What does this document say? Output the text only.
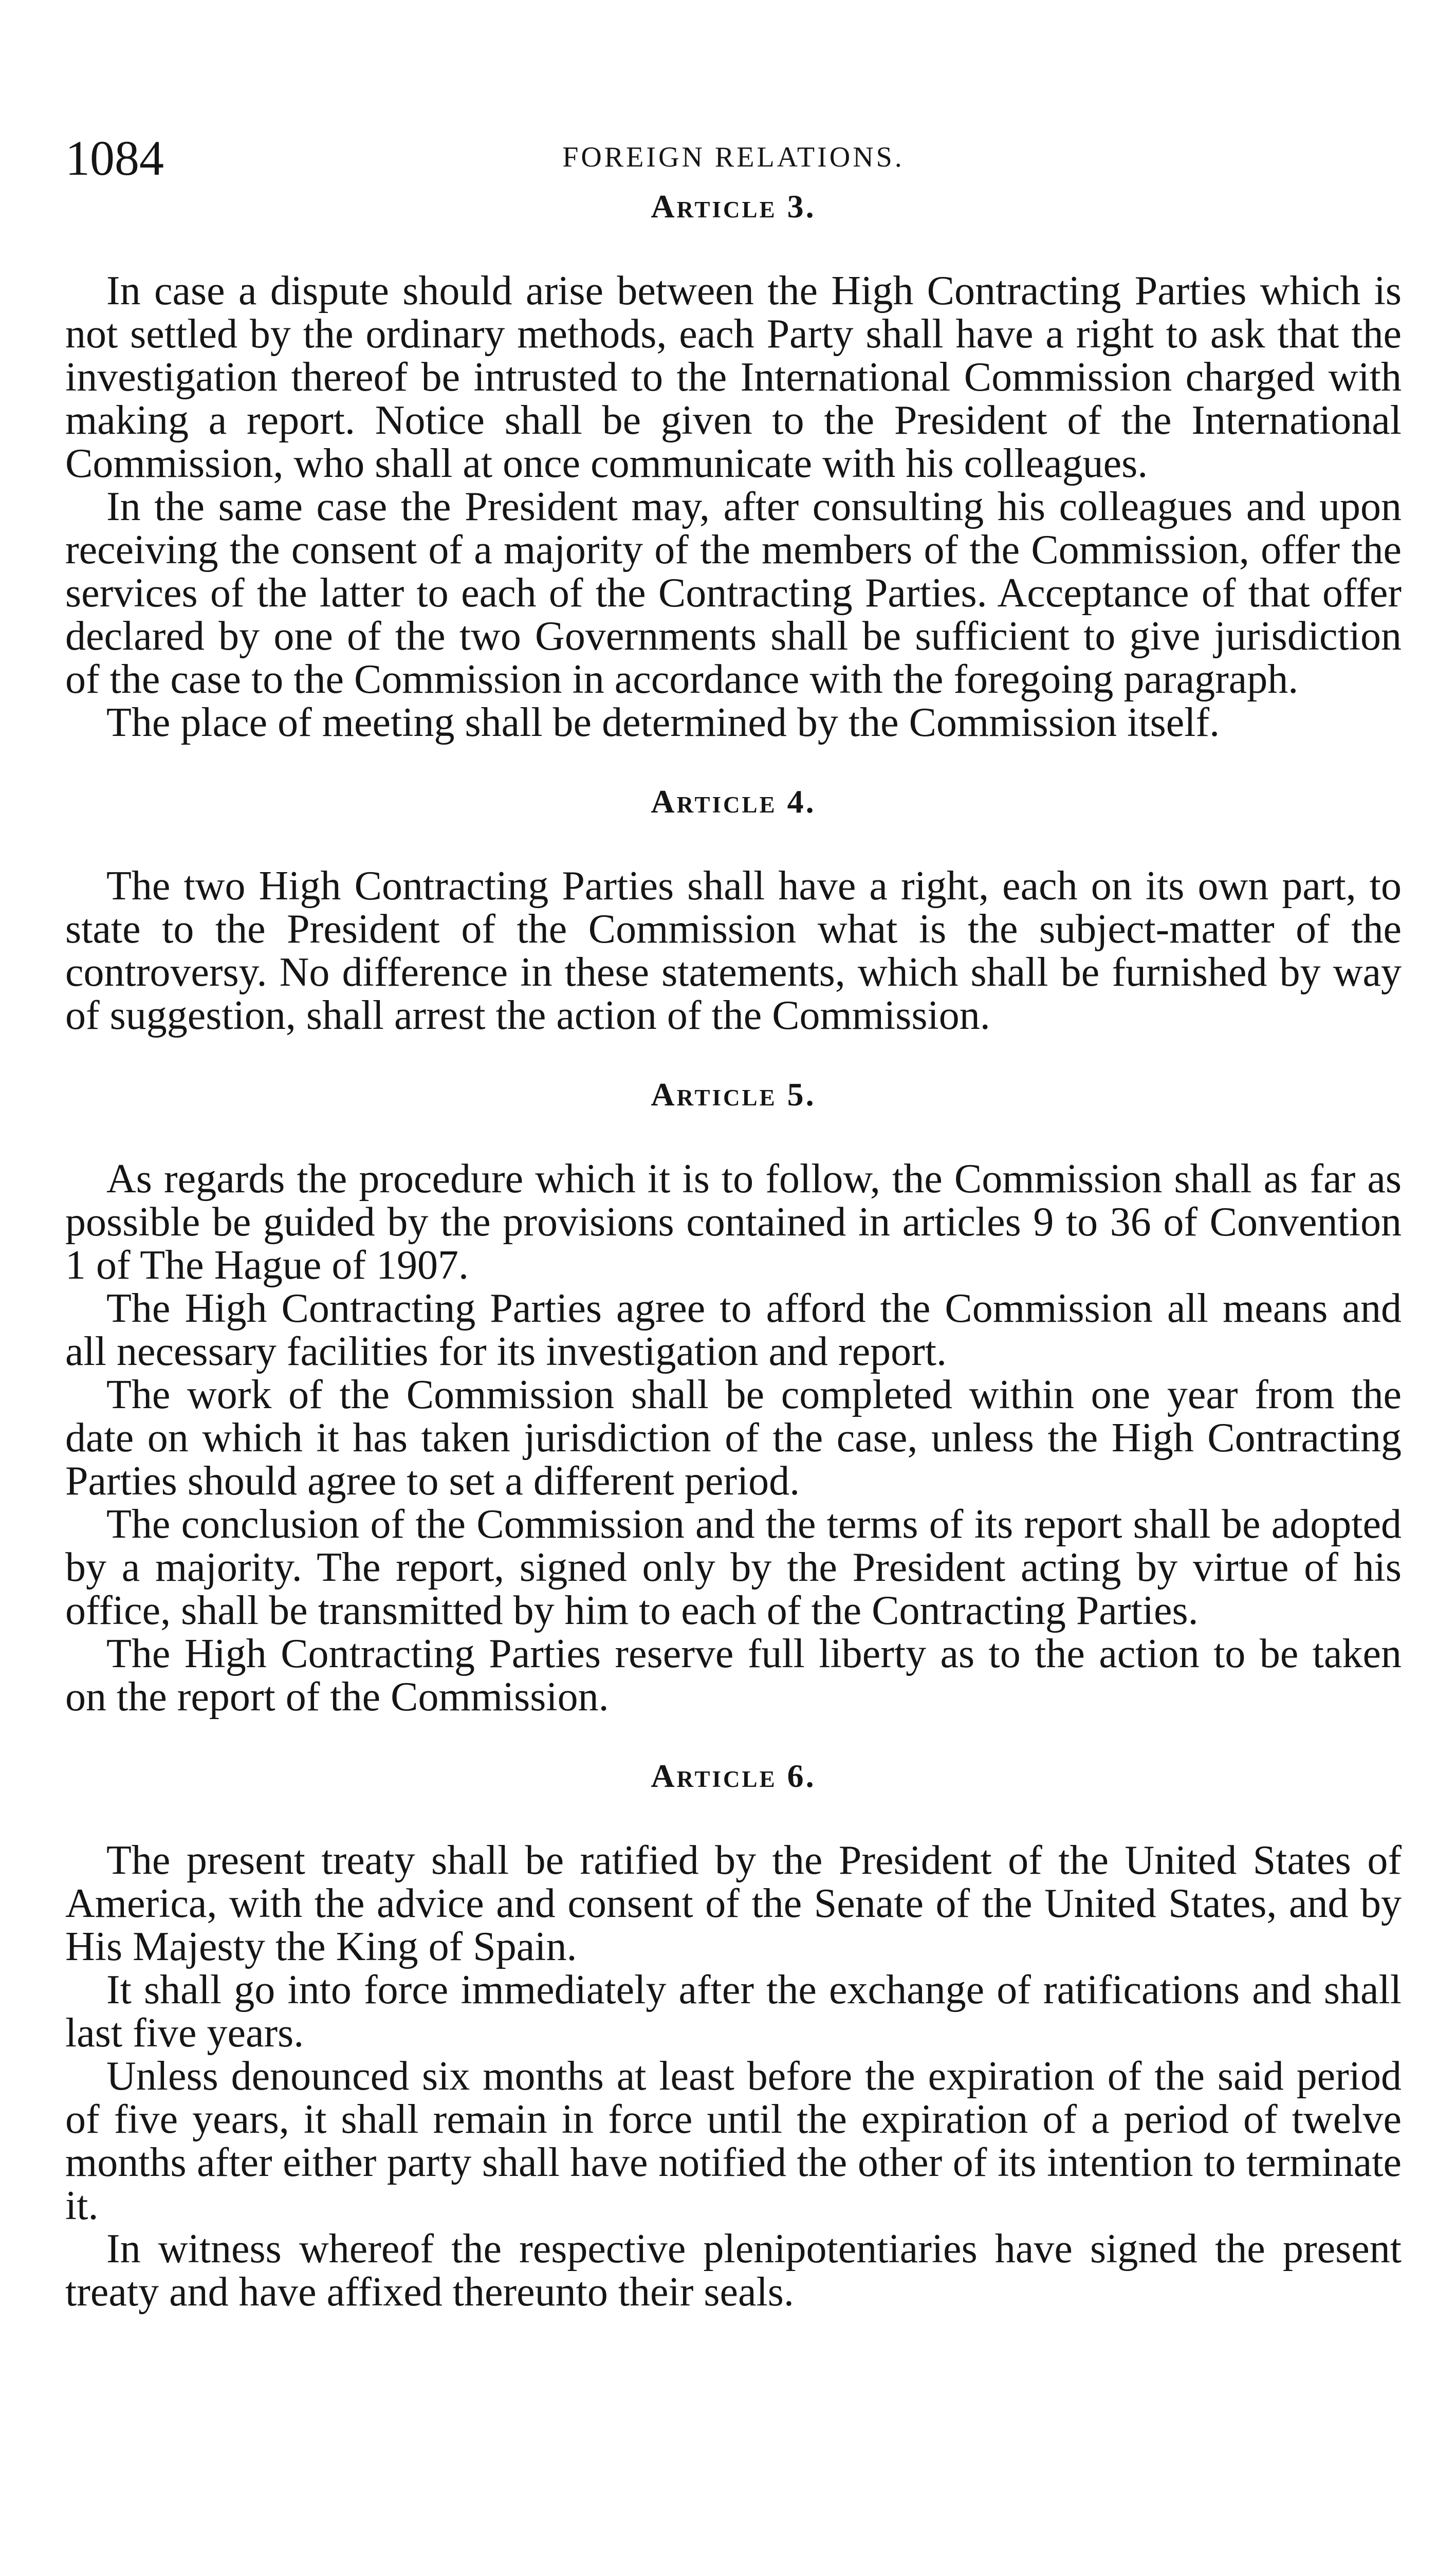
1084	FOREIGN RELATIONS.
Article 3.

In case a dispute should arise between the High Contracting Parties which is not settled by the ordinary methods, each Party shall have a right to ask that the investigation thereof be intrusted to the International Commission charged with making a report. Notice shall be given to the President of the International Commission, who shall at once communicate with his colleagues.

In the same case the President may, after consulting his colleagues and upon receiving the consent of a majority of the members of the Commission, offer the services of the latter to each of the Contracting Parties. Acceptance of that offer declared by one of the two Governments shall be sufficient to give jurisdiction of the case to the Commission in accordance with the foregoing paragraph.

The place of meeting shall be determined by the Commission itself.

Article 4.

The two High Contracting Parties shall have a right, each on its own part, to state to the President of the Commission what is the subject-matter of the controversy. No difference in these statements, which shall be furnished by way of suggestion, shall arrest the action of the Commission.

Article 5.

As regards the procedure which it is to follow, the Commission shall as far as possible be guided by the provisions contained in articles 9 to 36 of Convention 1 of The Hague of 1907.

The High Contracting Parties agree to afford the Commission all means and all necessary facilities for its investigation and report.

The work of the Commission shall be completed within one year from the date on which it has taken jurisdiction of the case, unless the High Contracting Parties should agree to set a different period.

The conclusion of the Commission and the terms of its report shall be adopted by a majority. The report, signed only by the President acting by virtue of his office, shall be transmitted by him to each of the Contracting Parties.

The High Contracting Parties reserve full liberty as to the action to be taken on the report of the Commission.

Article 6.

The present treaty shall be ratified by the President of the United States of America, with the advice and consent of the Senate of the United States, and by His Majesty the King of Spain.

It shall go into force immediately after the exchange of ratifications and shall last five years.

Unless denounced six months at least before the expiration of the said period of five years, it shall remain in force until the expiration of a period of twelve months after either party shall have notified the other of its intention to terminate it.

In witness whereof the respective plenipotentiaries have signed the present treaty and have affixed thereunto their seals.
